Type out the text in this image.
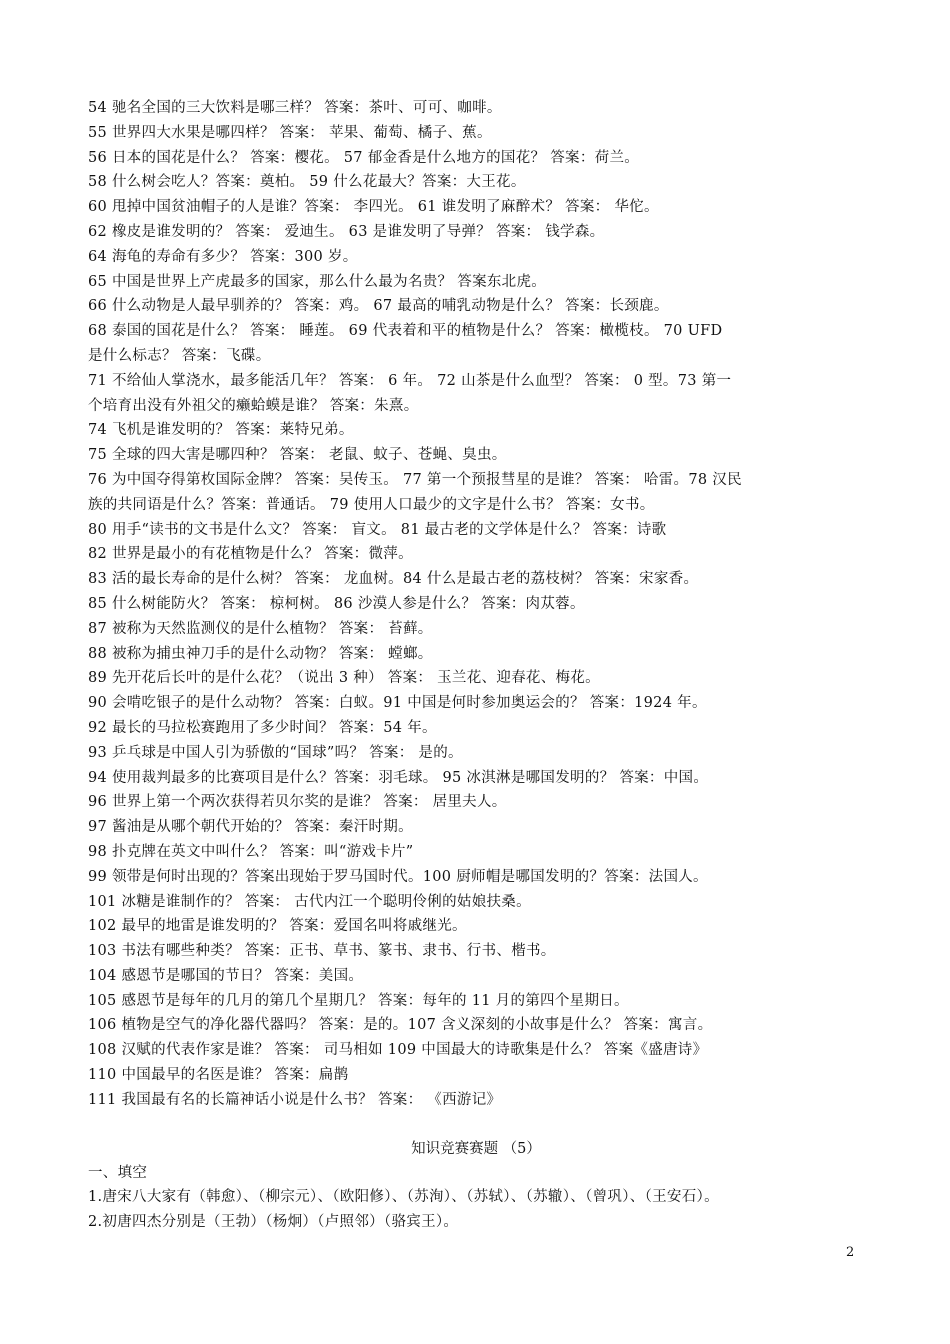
54 驰名全国的三大饮料是哪三样？ 答案：茶叶、可可、咖啡。
55 世界四大水果是哪四样？ 答案： 苹果、葡萄、橘子、蕉。
56 日本的国花是什么？ 答案：樱花。 57 郁金香是什么地方的国花？ 答案：荷兰。
58 什么树会吃人？答案：奠柏。 59 什么花最大？答案：大王花。
60 甩掉中国贫油帽子的人是谁？答案： 李四光。 61 谁发明了麻醉术？ 答案： 华佗。
62 橡皮是谁发明的？ 答案： 爱迪生。 63 是谁发明了导弹？ 答案： 钱学森。
64 海龟的寿命有多少？ 答案：300 岁。
65 中国是世界上产虎最多的国家，那么什么最为名贵？ 答案东北虎。
66 什么动物是人最早驯养的？ 答案：鸡。 67 最高的哺乳动物是什么？ 答案：长颈鹿。
68 泰国的国花是什么？ 答案： 睡莲。 69 代表着和平的植物是什么？ 答案：橄榄枝。 70 UFD
是什么标志？ 答案：飞碟。
71 不给仙人掌浇水，最多能活几年？ 答案： 6 年。 72 山茶是什么血型？ 答案： 0 型。73 第一
个培育出没有外祖父的癞蛤蟆是谁？ 答案：朱熹。
74 飞机是谁发明的？ 答案：莱特兄弟。
75 全球的四大害是哪四种？ 答案： 老鼠、蚊子、苍蝇、臭虫。
76 为中国夺得第枚国际金牌？ 答案：吴传玉。 77 第一个预报彗星的是谁？ 答案： 哈雷。78 汉民
族的共同语是什么？答案：普通话。 79 使用人口最少的文字是什么书？ 答案：女书。
80 用手“读书的文书是什么文？ 答案： 盲文。 81 最古老的文学体是什么？ 答案：诗歌
82 世界是最小的有花植物是什么？ 答案：微萍。
83 活的最长寿命的是什么树？ 答案： 龙血树。84 什么是最古老的荔枝树？ 答案：宋家香。
85 什么树能防火？ 答案： 椋柯树。 86 沙漠人参是什么？ 答案：肉苁蓉。
87 被称为天然监测仪的是什么植物？ 答案： 苔藓。
88 被称为捕虫神刀手的是什么动物？ 答案： 螳螂。
89 先开花后长叶的是什么花？（说出 3 种） 答案： 玉兰花、迎春花、梅花。
90 会啃吃银子的是什么动物？ 答案：白蚁。91 中国是何时参加奥运会的？ 答案：1924 年。
92 最长的马拉松赛跑用了多少时间？ 答案：54 年。
93 乒乓球是中国人引为骄傲的“国球”吗？ 答案： 是的。
94 使用裁判最多的比赛项目是什么？答案：羽毛球。 95 冰淇淋是哪国发明的？ 答案：中国。
96 世界上第一个两次获得若贝尔奖的是谁？ 答案： 居里夫人。
97 酱油是从哪个朝代开始的？ 答案：秦汗时期。
98 扑克牌在英文中叫什么？ 答案：叫“游戏卡片”
99 领带是何时出现的？答案出现始于罗马国时代。100 厨师帽是哪国发明的？答案：法国人。
101 冰糖是谁制作的？ 答案： 古代内江一个聪明伶俐的姑娘扶桑。
102 最早的地雷是谁发明的？ 答案：爱国名叫将戚继光。
103 书法有哪些种类？ 答案：正书、草书、篆书、隶书、行书、楷书。
104 感恩节是哪国的节日？ 答案：美国。
105 感恩节是每年的几月的第几个星期几？ 答案：每年的 11 月的第四个星期日。
106 植物是空气的净化器代器吗？ 答案：是的。107 含义深刻的小故事是什么？ 答案：寓言。
108 汉赋的代表作家是谁？ 答案： 司马相如 109 中国最大的诗歌集是什么？ 答案《盛唐诗》
110 中国最早的名医是谁？ 答案：扁鹊
111 我国最有名的长篇神话小说是什么书？ 答案： 《西游记》
知识竞赛赛题 （5）
一、填空
1.唐宋八大家有（韩愈）、（柳宗元）、（欧阳修）、（苏洵）、（苏轼）、（苏辙）、（曾巩）、（王安石）。
2.初唐四杰分别是（王勃）（杨炯）（卢照邻）（骆宾王）。
2
